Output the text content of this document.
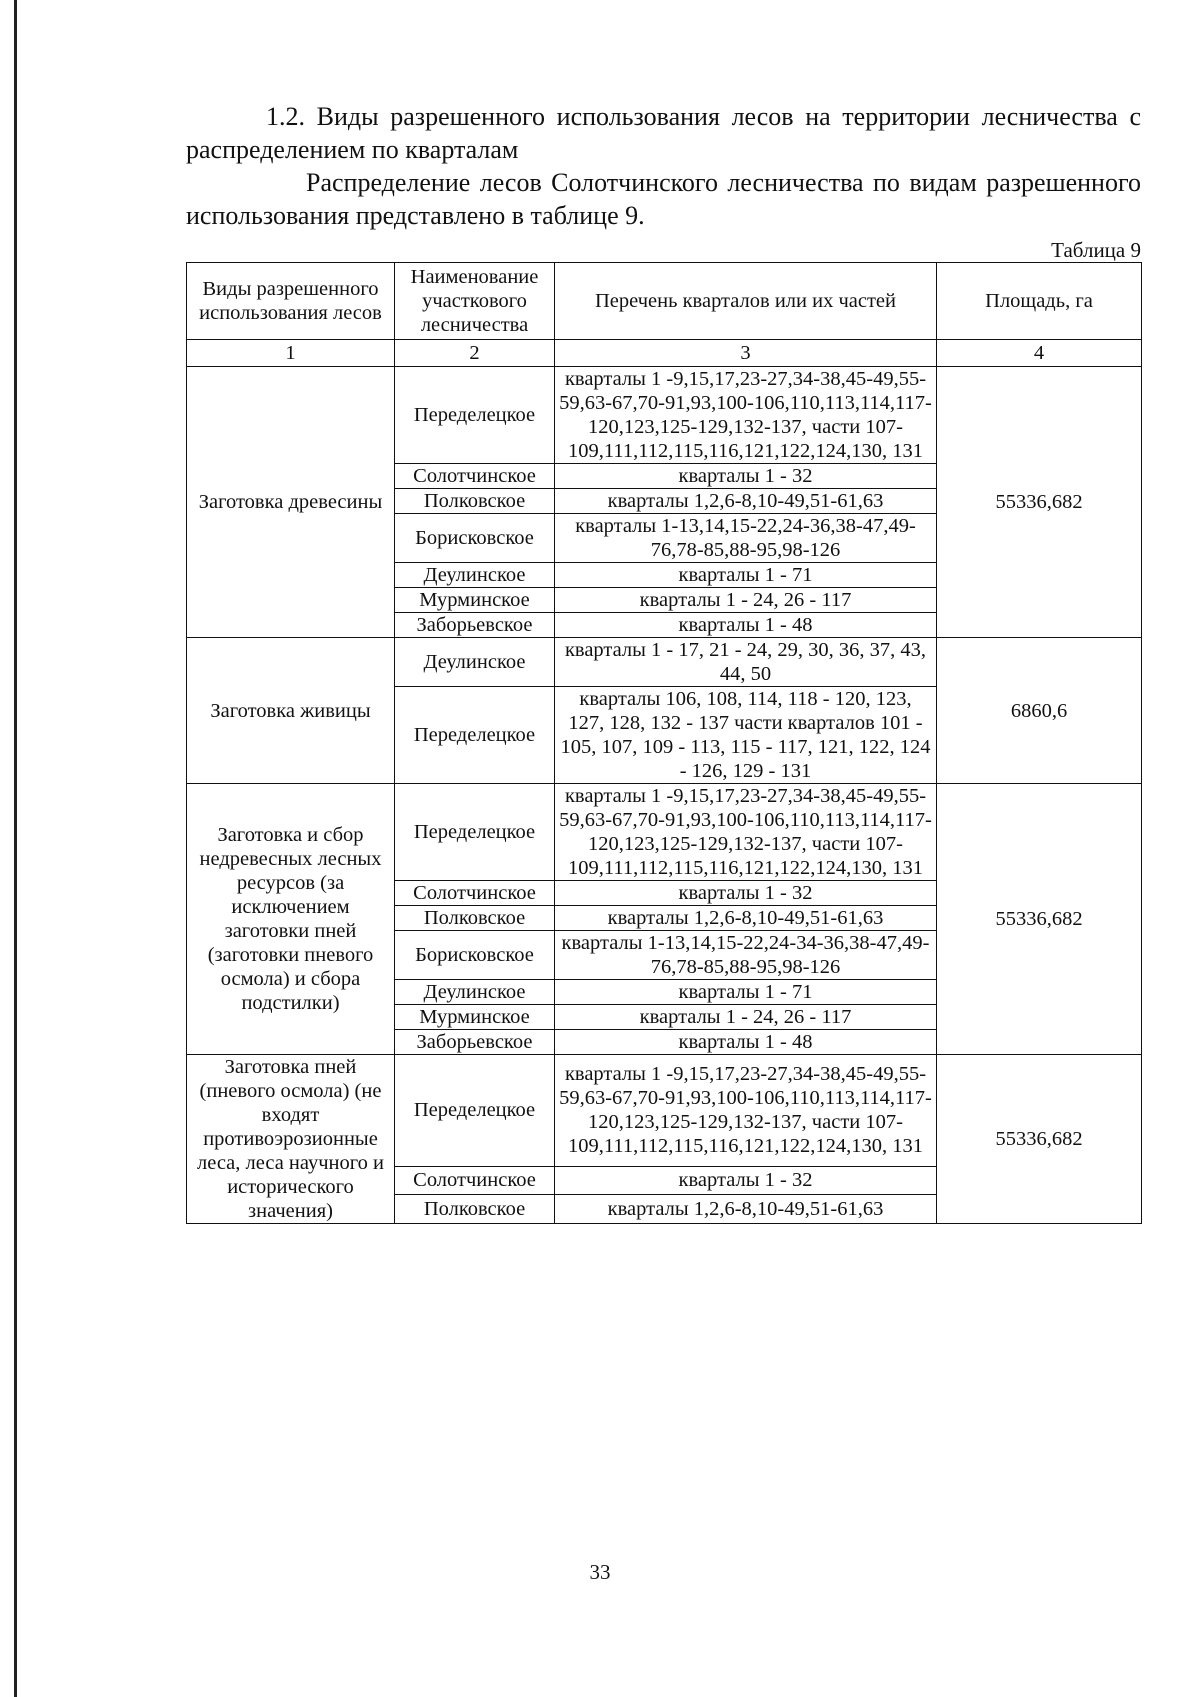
1.2. Виды разрешенного использования лесов на территории лесничества с распределением по кварталам

Распределение лесов Солотчинского лесничества по видам разрешенного использования представлено в таблице 9.

Таблица 9
Виды разрешенного использования лесов	Наименование участкового лесничества	Перечень кварталов или их частей	Площадь, га
1	2	3	4
Заготовка древесины	Переделецкое	кварталы 1 -9,15,17,23-27,34-38,45-49,55-59,63-67,70-91,93,100-106,110,113,114,117-120,123,125-129,132-137, части 107-109,111,112,115,116,121,122,124,130, 131	55336,682
	Солотчинское	кварталы 1 - 32	
	Полковское	кварталы 1,2,6-8,10-49,51-61,63	
	Борисковское	кварталы 1-13,14,15-22,24-36,38-47,49-76,78-85,88-95,98-126	
	Деулинское	кварталы 1 - 71	
	Мурминское	кварталы 1 - 24, 26 - 117	
	Заборьевское	кварталы 1 - 48	
Заготовка живицы	Деулинское	кварталы 1 - 17, 21 - 24, 29, 30, 36, 37, 43, 44, 50	6860,6
	Переделецкое	кварталы 106, 108, 114, 118 - 120, 123, 127, 128, 132 - 137 части кварталов 101 - 105, 107, 109 - 113, 115 - 117, 121, 122, 124 - 126, 129 - 131	
Заготовка и сбор недревесных лесных ресурсов (за исключением заготовки пней (заготовки пневого осмола) и сбора подстилки)	Переделецкое	кварталы 1 -9,15,17,23-27,34-38,45-49,55-59,63-67,70-91,93,100-106,110,113,114,117-120,123,125-129,132-137, части 107-109,111,112,115,116,121,122,124,130, 131	55336,682
	Солотчинское	кварталы 1 - 32	
	Полковское	кварталы 1,2,6-8,10-49,51-61,63	
	Борисковское	кварталы 1-13,14,15-22,24-34-36,38-47,49-76,78-85,88-95,98-126	
	Деулинское	кварталы 1 - 71	
	Мурминское	кварталы 1 - 24, 26 - 117	
	Заборьевское	кварталы 1 - 48	
Заготовка пней (пневого осмола) (не входят противоэрозионные леса, леса научного и исторического значения)	Переделецкое	кварталы 1 -9,15,17,23-27,34-38,45-49,55-59,63-67,70-91,93,100-106,110,113,114,117-120,123,125-129,132-137, части 107-109,111,112,115,116,121,122,124,130, 131	55336,682
	Солотчинское	кварталы 1 - 32	
	Полковское	кварталы 1,2,6-8,10-49,51-61,63	
33
